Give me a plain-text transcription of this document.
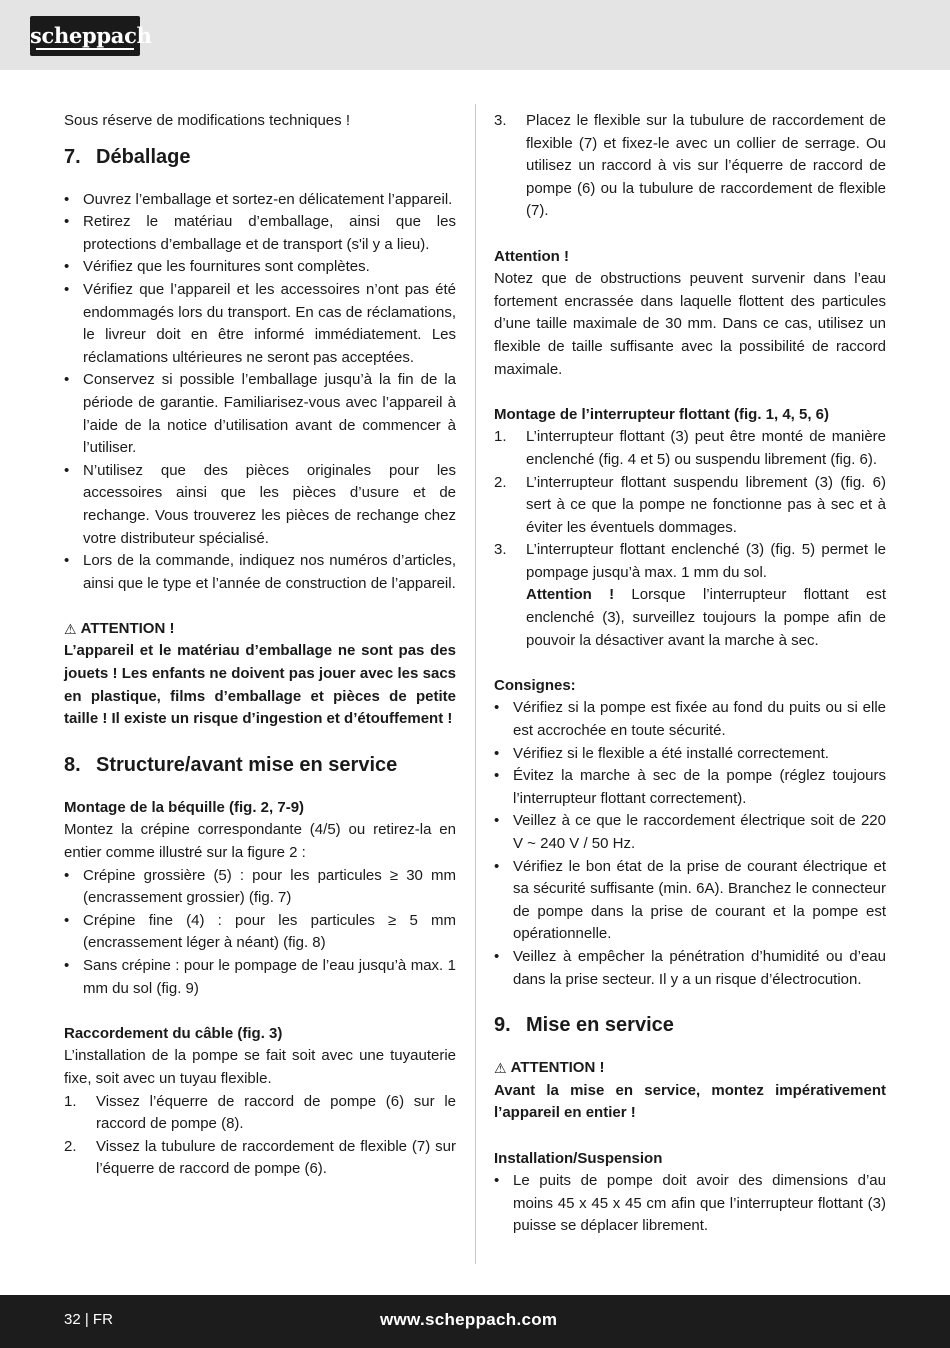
scheppach

Sous réserve de modifications techniques !

7. Déballage
• Ouvrez l’emballage et sortez-en délicatement l’appareil.
• Retirez le matériau d’emballage, ainsi que les protections d’emballage et de transport (s'il y a lieu).
• Vérifiez que les fournitures sont complètes.
• Vérifiez que l’appareil et les accessoires n’ont pas été endommagés lors du transport. En cas de réclamations, le livreur doit en être informé immédiatement. Les réclamations ultérieures ne seront pas acceptées.
• Conservez si possible l’emballage jusqu’à la fin de la période de garantie. Familiarisez-vous avec l’appareil à l’aide de la notice d’utilisation avant de commencer à l’utiliser.
• N’utilisez que des pièces originales pour les accessoires ainsi que les pièces d’usure et de rechange. Vous trouverez les pièces de rechange chez votre distributeur spécialisé.
• Lors de la commande, indiquez nos numéros d’articles, ainsi que le type et l’année de construction de l’appareil.
⚠ ATTENTION !

L’appareil et le matériau d’emballage ne sont pas des jouets ! Les enfants ne doivent pas jouer avec les sacs en plastique, films d’emballage et pièces de petite taille ! Il existe un risque d’ingestion et d’étouffement !

8. Structure/avant mise en service

Montage de la béquille (fig. 2, 7-9)

Montez la crépine correspondante (4/5) ou retirez-la en entier comme illustré sur la figure 2 :

• Crépine grossière (5) : pour les particules ≥ 30 mm (encrassement grossier) (fig. 7)
• Crépine fine (4) : pour les particules ≥ 5 mm (encrassement léger à néant) (fig. 8)
• Sans crépine : pour le pompage de l’eau jusqu’à max. 1 mm du sol (fig. 9)

Raccordement du câble (fig. 3)

L’installation de la pompe se fait soit avec une tuyauterie fixe, soit avec un tuyau flexible.

1. Vissez l’équerre de raccord de pompe (6) sur le raccord de pompe (8).
2. Vissez la tubulure de raccordement de flexible (7) sur l’équerre de raccord de pompe (6).
3. Placez le flexible sur la tubulure de raccordement de flexible (7) et fixez-le avec un collier de serrage. Ou utilisez un raccord à vis sur l’équerre de raccord de pompe (6) ou la tubulure de raccordement de flexible (7).

Attention !

Notez que de obstructions peuvent survenir dans l’eau fortement encrassée dans laquelle flottent des particules d’une taille maximale de 30 mm. Dans ce cas, utilisez un flexible de taille suffisante avec la possibilité de raccord maximale.

Montage de l’interrupteur flottant (fig. 1, 4, 5, 6)

1. L’interrupteur flottant (3) peut être monté de manière enclenché (fig. 4 et 5) ou suspendu librement (fig. 6).
2. L’interrupteur flottant suspendu librement (3) (fig. 6) sert à ce que la pompe ne fonctionne pas à sec et à éviter les éventuels dommages.
3. L’interrupteur flottant enclenché (3) (fig. 5) permet le pompage jusqu’à max. 1 mm du sol.
Attention ! Lorsque l’interrupteur flottant est enclenché (3), surveillez toujours la pompe afin de pouvoir la désactiver avant la marche à sec.

Consignes:

• Vérifiez si la pompe est fixée au fond du puits ou si elle est accrochée en toute sécurité.
• Vérifiez si le flexible a été installé correctement.
• Évitez la marche à sec de la pompe (réglez toujours l’interrupteur flottant correctement).
• Veillez à ce que le raccordement électrique soit de 220 V ~ 240 V / 50 Hz.
• Vérifiez le bon état de la prise de courant électrique et sa sécurité suffisante (min. 6A). Branchez le connecteur de pompe dans la prise de courant et la pompe est opérationnelle.
• Veillez à empêcher la pénétration d’humidité ou d’eau dans la prise secteur. Il y a un risque d’électrocution.
9. Mise en service
⚠ ATTENTION !

Avant la mise en service, montez impérativement l’appareil en entier !

Installation/Suspension

• Le puits de pompe doit avoir des dimensions d’au moins 45 x 45 x 45 cm afin que l’interrupteur flottant (3) puisse se déplacer librement.
32 | FR	www.scheppach.com
